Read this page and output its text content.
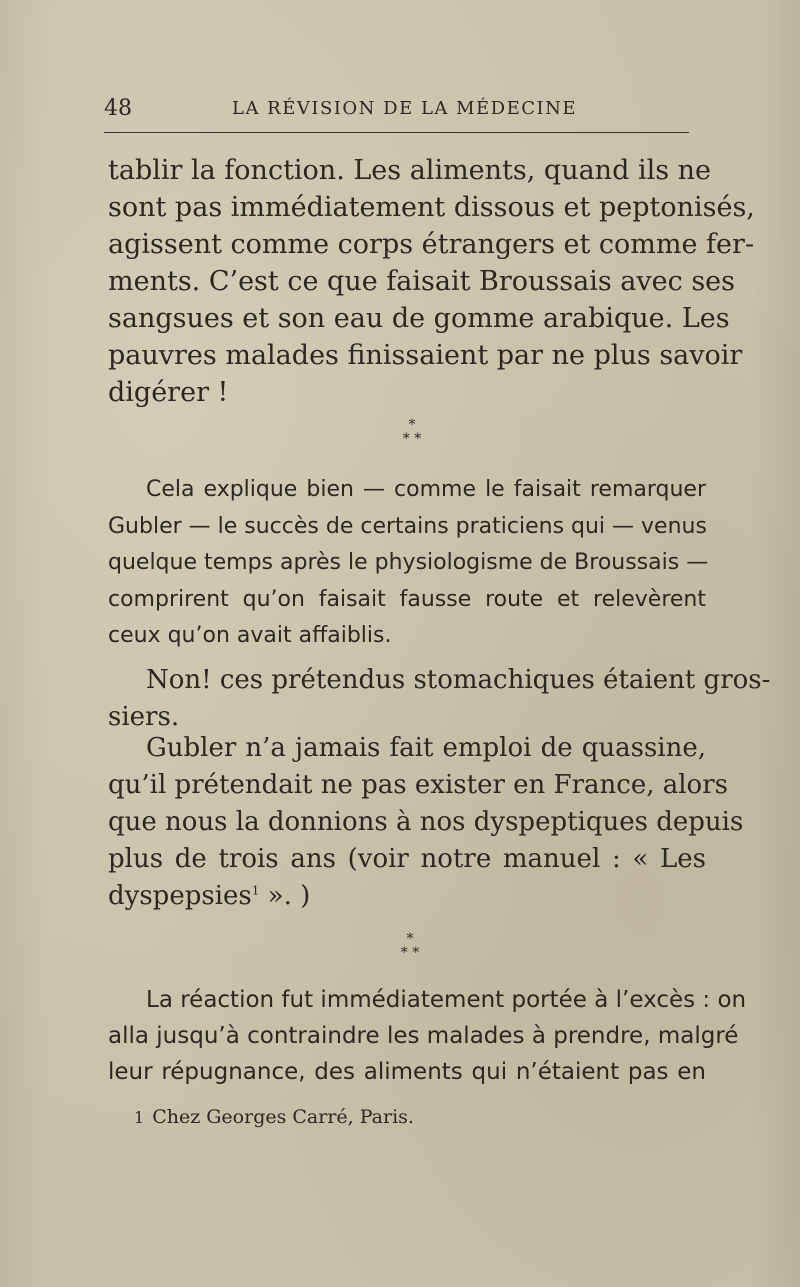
48	LA RÉVISION DE LA MÉDECINE
tablir la fonction. Les aliments, quand ils ne
sont pas immédiatement dissous et peptonisés,
agissent comme corps étrangers et comme fer-
ments. C’est ce que faisait Broussais avec ses
sangsues et son eau de gomme arabique. Les
pauvres malades finissaient par ne plus savoir
digérer !
*
* *
Cela explique bien — comme le faisait remarquer
Gubler — le succès de certains praticiens qui — venus
quelque temps après le physiologisme de Broussais —
comprirent qu’on faisait fausse route et relevèrent
ceux qu’on avait affaiblis.
Non! ces prétendus stomachiques étaient gros-
siers.
Gubler n’a jamais fait emploi de quassine,
qu’il prétendait ne pas exister en France, alors
que nous la donnions à nos dyspeptiques depuis
plus de trois ans (voir notre manuel : « Les
dyspepsies$^1$ ». )
*
* *
La réaction fut immédiatement portée à l’excès : on
alla jusqu’à contraindre les malades à prendre, malgré
leur répugnance, des aliments qui n’étaient pas en
1 Chez Georges Carré, Paris.
